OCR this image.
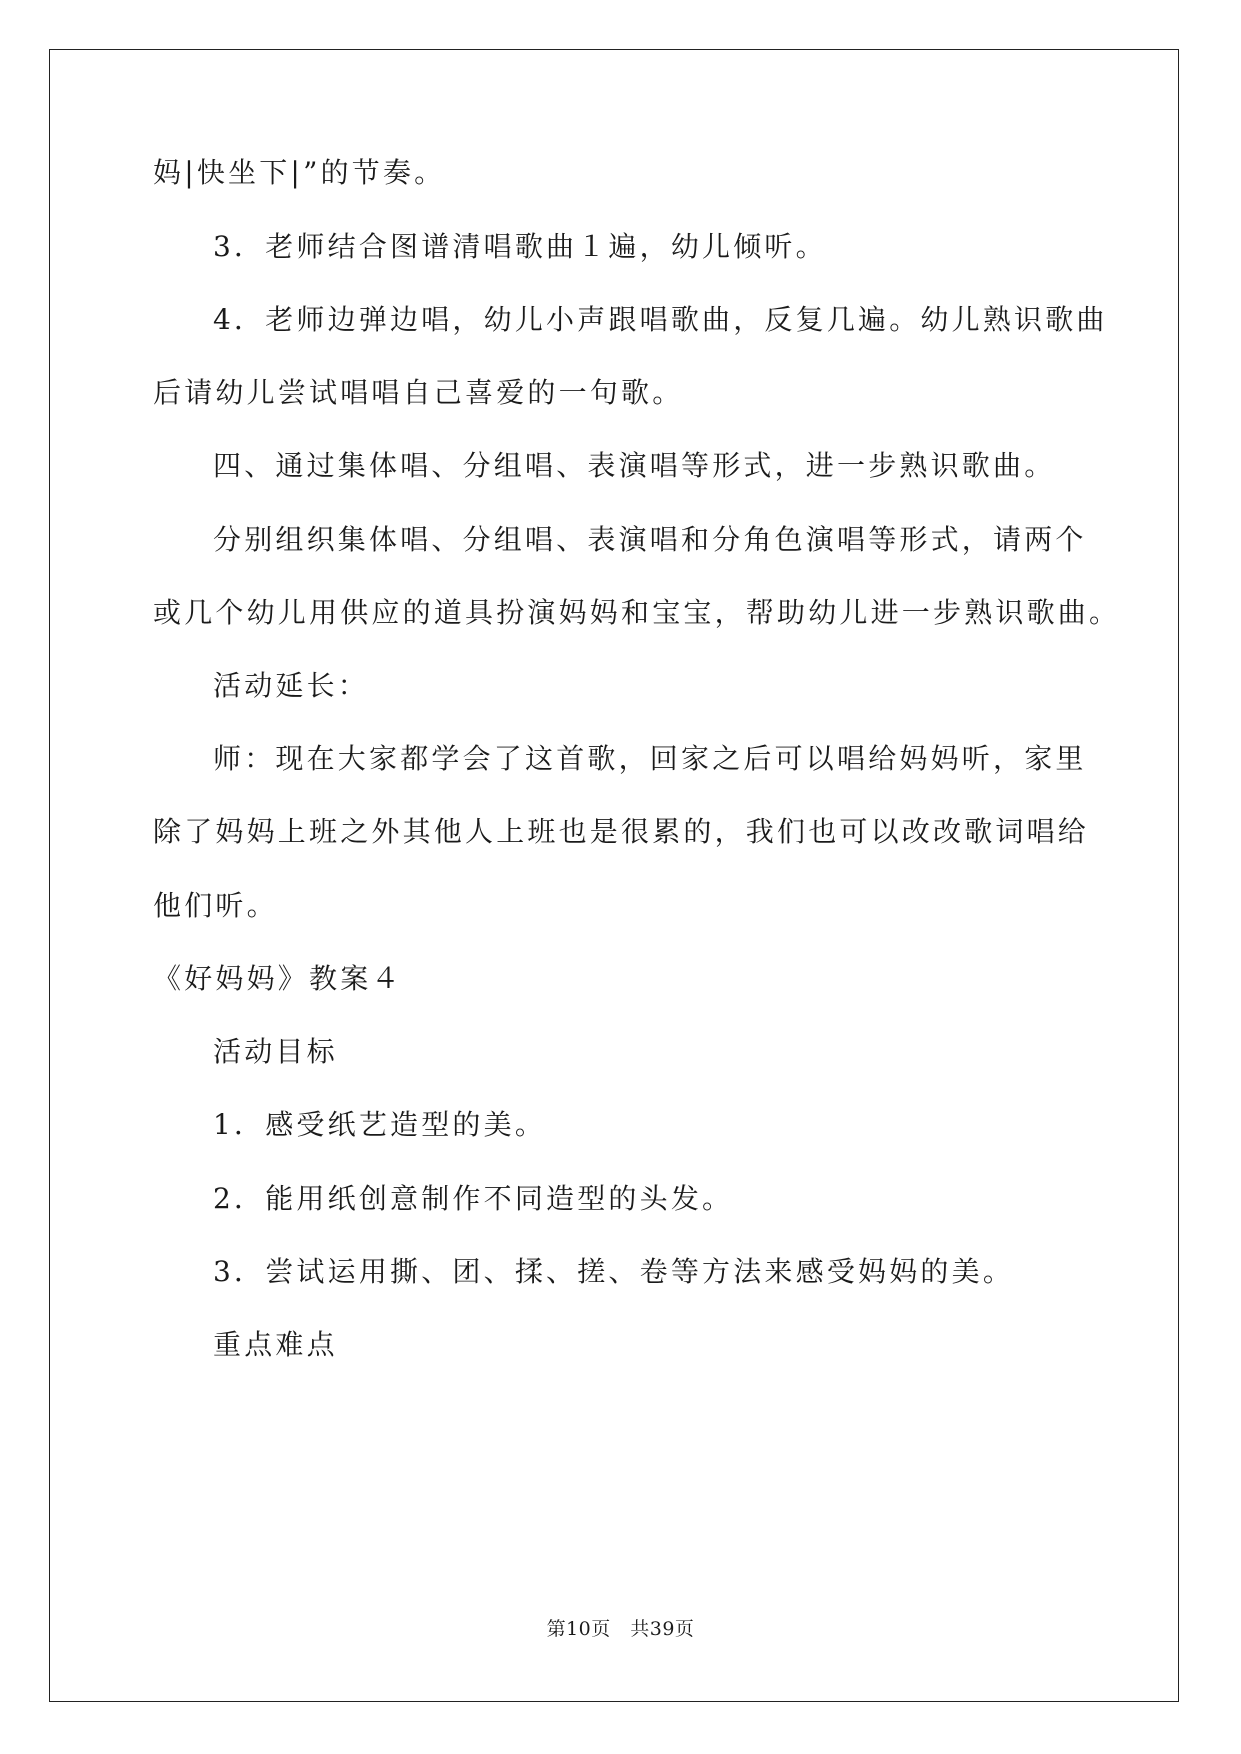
妈|快坐下|”的节奏。
3．老师结合图谱清唱歌曲１遍，幼儿倾听。
4．老师边弹边唱，幼儿小声跟唱歌曲，反复几遍。幼儿熟识歌曲
后请幼儿尝试唱唱自己喜爱的一句歌。
四、通过集体唱、分组唱、表演唱等形式，进一步熟识歌曲。
分别组织集体唱、分组唱、表演唱和分角色演唱等形式，请两个
或几个幼儿用供应的道具扮演妈妈和宝宝，帮助幼儿进一步熟识歌曲。
活动延长：
师：现在大家都学会了这首歌，回家之后可以唱给妈妈听，家里
除了妈妈上班之外其他人上班也是很累的，我们也可以改改歌词唱给
他们听。
《好妈妈》教案４
活动目标
1．感受纸艺造型的美。
2．能用纸创意制作不同造型的头发。
3．尝试运用撕、团、揉、搓、卷等方法来感受妈妈的美。
重点难点
第10页　共39页
